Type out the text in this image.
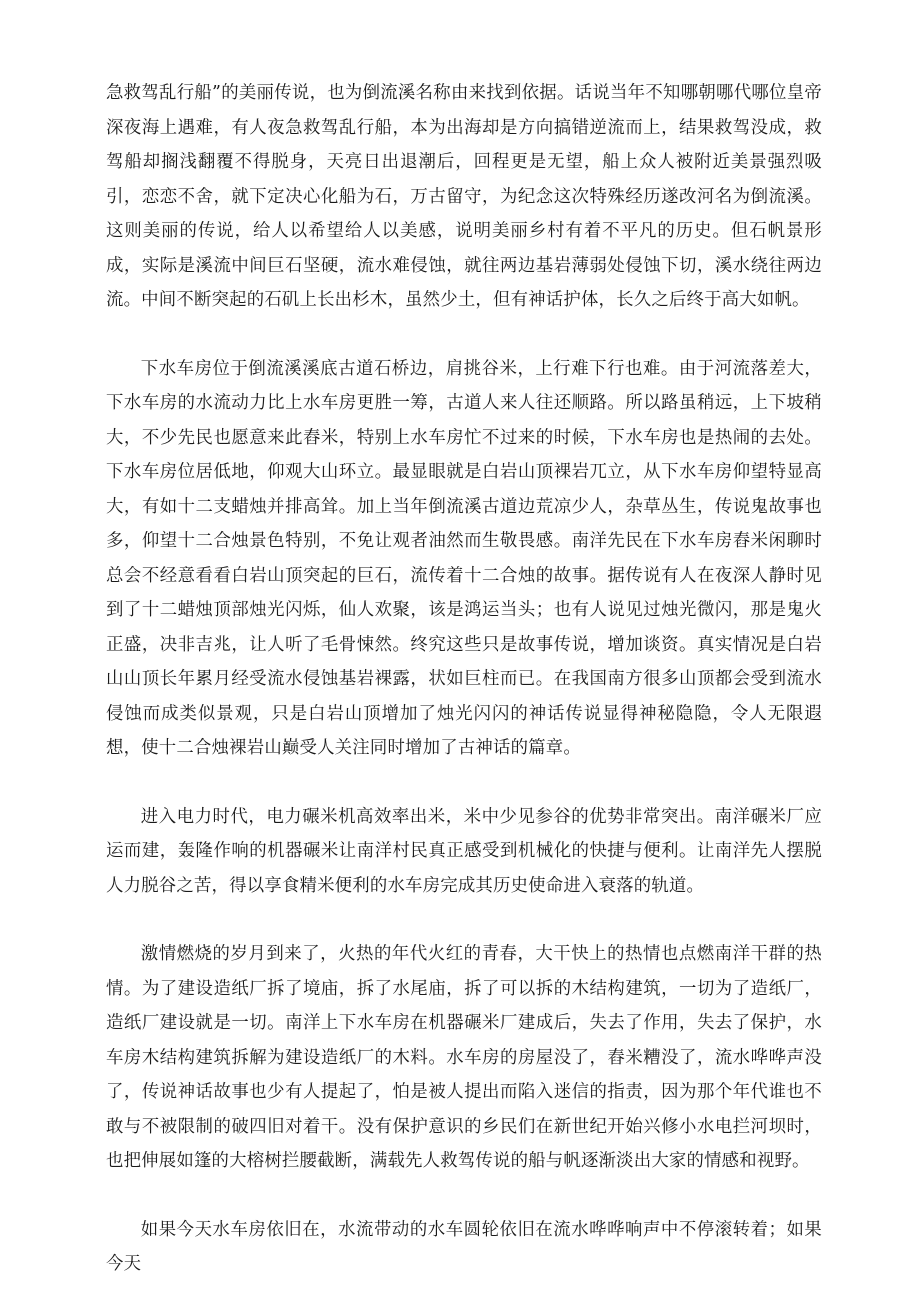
急救驾乱行船”的美丽传说，也为倒流溪名称由来找到依据。话说当年不知哪朝哪代哪位皇帝深夜海上遇难，有人夜急救驾乱行船，本为出海却是方向搞错逆流而上，结果救驾没成，救驾船却搁浅翻覆不得脱身，天亮日出退潮后，回程更是无望，船上众人被附近美景强烈吸引，恋恋不舍，就下定决心化船为石，万古留守，为纪念这次特殊经历遂改河名为倒流溪。这则美丽的传说，给人以希望给人以美感，说明美丽乡村有着不平凡的历史。但石帆景形成，实际是溪流中间巨石坚硬，流水难侵蚀，就往两边基岩薄弱处侵蚀下切，溪水绕往两边流。中间不断突起的石矶上长出杉木，虽然少土，但有神话护体，长久之后终于高大如帆。

下水车房位于倒流溪溪底古道石桥边，肩挑谷米，上行难下行也难。由于河流落差大，下水车房的水流动力比上水车房更胜一筹，古道人来人往还顺路。所以路虽稍远，上下坡稍大，不少先民也愿意来此舂米，特别上水车房忙不过来的时候，下水车房也是热闹的去处。下水车房位居低地，仰观大山环立。最显眼就是白岩山顶裸岩兀立，从下水车房仰望特显高大，有如十二支蜡烛并排高耸。加上当年倒流溪古道边荒凉少人，杂草丛生，传说鬼故事也多，仰望十二合烛景色特别，不免让观者油然而生敬畏感。南洋先民在下水车房舂米闲聊时总会不经意看看白岩山顶突起的巨石，流传着十二合烛的故事。据传说有人在夜深人静时见到了十二蜡烛顶部烛光闪烁，仙人欢聚，该是鸿运当头；也有人说见过烛光微闪，那是鬼火正盛，决非吉兆，让人听了毛骨悚然。终究这些只是故事传说，增加谈资。真实情况是白岩山山顶长年累月经受流水侵蚀基岩裸露，状如巨柱而已。在我国南方很多山顶都会受到流水侵蚀而成类似景观，只是白岩山顶增加了烛光闪闪的神话传说显得神秘隐隐，令人无限遐想，使十二合烛裸岩山巅受人关注同时增加了古神话的篇章。

进入电力时代，电力碾米机高效率出米，米中少见参谷的优势非常突出。南洋碾米厂应运而建，轰隆作响的机器碾米让南洋村民真正感受到机械化的快捷与便利。让南洋先人摆脱人力脱谷之苦，得以享食精米便利的水车房完成其历史使命进入衰落的轨道。

激情燃烧的岁月到来了，火热的年代火红的青春，大干快上的热情也点燃南洋干群的热情。为了建设造纸厂拆了境庙，拆了水尾庙，拆了可以拆的木结构建筑，一切为了造纸厂，造纸厂建设就是一切。南洋上下水车房在机器碾米厂建成后，失去了作用，失去了保护，水车房木结构建筑拆解为建设造纸厂的木料。水车房的房屋没了，舂米糟没了，流水哗哗声没了，传说神话故事也少有人提起了，怕是被人提出而陷入迷信的指责，因为那个年代谁也不敢与不被限制的破四旧对着干。没有保护意识的乡民们在新世纪开始兴修小水电拦河坝时，也把伸展如篷的大榕树拦腰截断，满载先人救驾传说的船与帆逐渐淡出大家的情感和视野。

如果今天水车房依旧在，水流带动的水车圆轮依旧在流水哗哗响声中不停滚转着；如果今天
